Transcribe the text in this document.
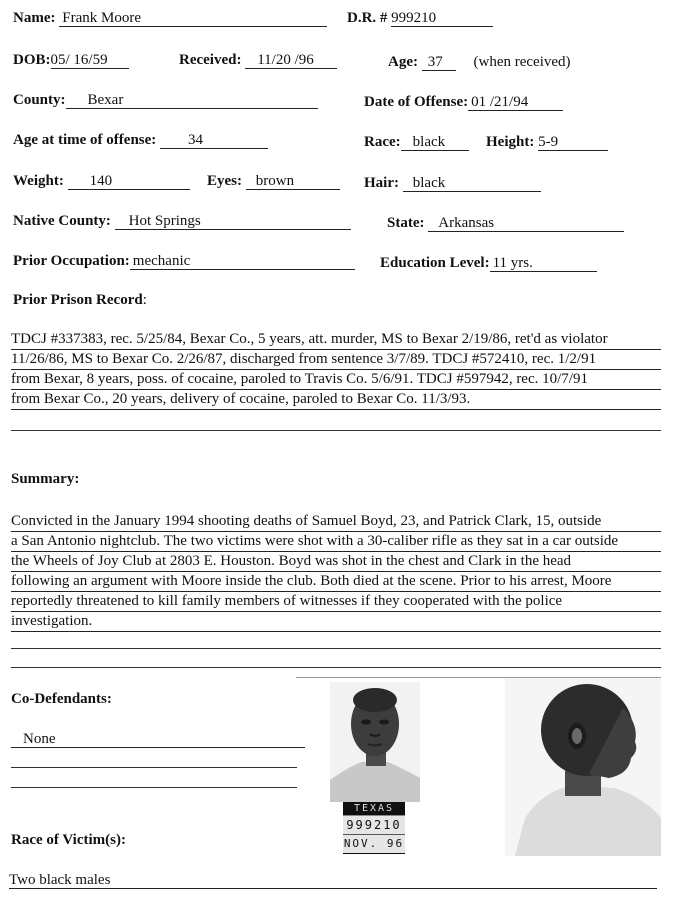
Name: Frank Moore	D.R. # 999210
DOB:05/ 16/59	Received: 11/20 /96	Age: 37 (when received)
County: Bexar	Date of Offense: 01 /21/94
Age at time of offense: 34	Race: black	Height: 5-9
Weight: 140	Eyes: brown	Hair: black
Native County: Hot Springs	State: Arkansas
Prior Occupation: mechanic	Education Level: 11 yrs.
Prior Prison Record:
TDCJ #337383, rec. 5/25/84, Bexar Co., 5 years, att. murder, MS to Bexar 2/19/86, ret'd as violator
11/26/86, MS to Bexar Co. 2/26/87, discharged from sentence 3/7/89. TDCJ #572410, rec. 1/2/91
from Bexar, 8 years, poss. of cocaine, paroled to Travis Co. 5/6/91. TDCJ #597942, rec. 10/7/91
from Bexar Co., 20 years, delivery of cocaine, paroled to Bexar Co. 11/3/93.
Summary:
Convicted in the January 1994 shooting deaths of Samuel Boyd, 23, and Patrick Clark, 15, outside
a San Antonio nightclub. The two victims were shot with a 30-caliber rifle as they sat in a car outside
the Wheels of Joy Club at 2803 E. Houston. Boyd was shot in the chest and Clark in the head
following an argument with Moore inside the club. Both died at the scene. Prior to his arrest, Moore
reportedly threatened to kill family members of witnesses if they cooperated with the police
investigation.
Co-Defendants:
None
Race of Victim(s):
Two black males
TEXAS
999210
NOV. 96
